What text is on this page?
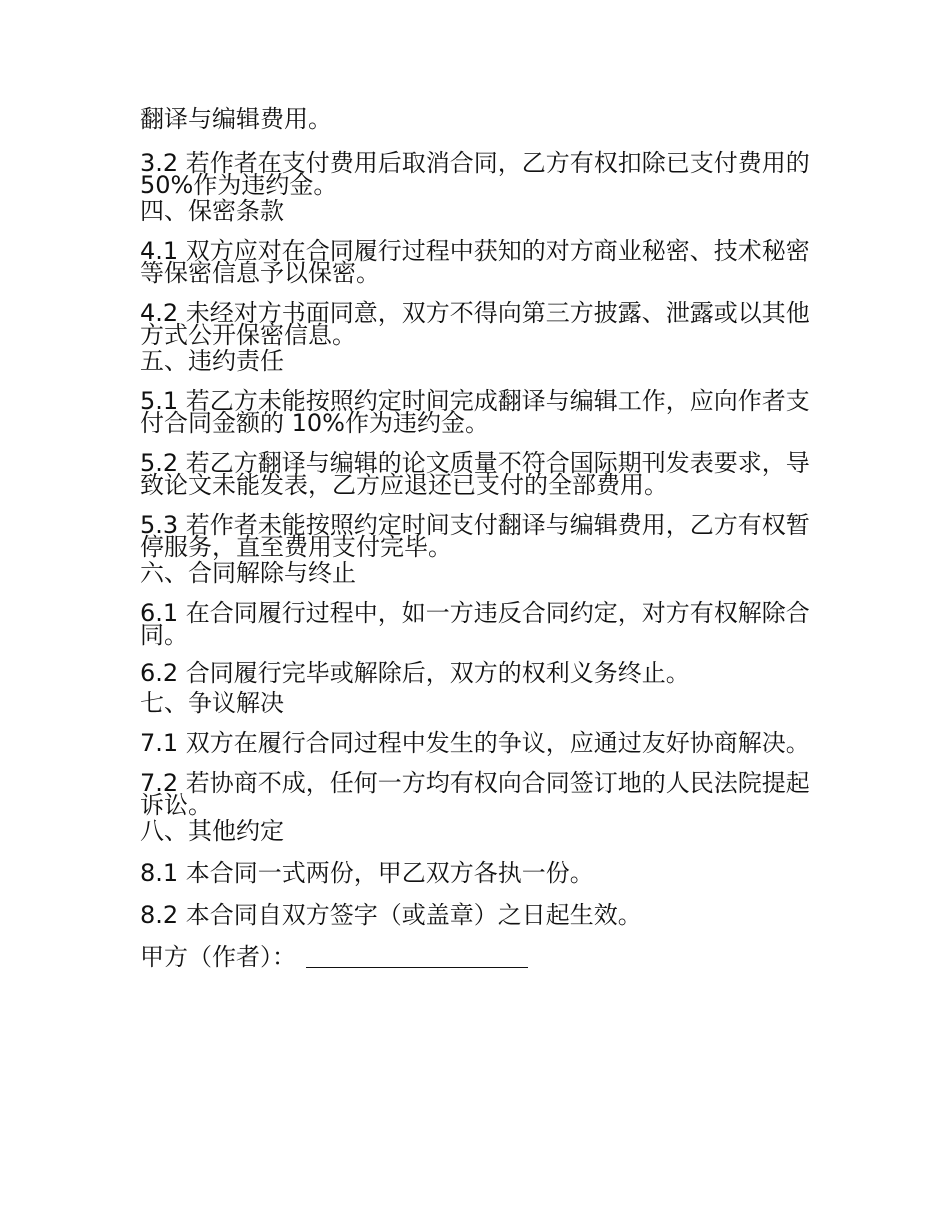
翻译与编辑费用。

3.2 若作者在支付费用后取消合同，乙方有权扣除已支付费用的 50%作为违约金。

四、保密条款

4.1 双方应对在合同履行过程中获知的对方商业秘密、技术秘密等保密信息予以保密。

4.2 未经对方书面同意，双方不得向第三方披露、泄露或以其他方式公开保密信息。

五、违约责任

5.1 若乙方未能按照约定时间完成翻译与编辑工作，应向作者支付合同金额的 10%作为违约金。

5.2 若乙方翻译与编辑的论文质量不符合国际期刊发表要求，导致论文未能发表，乙方应退还已支付的全部费用。

5.3 若作者未能按照约定时间支付翻译与编辑费用，乙方有权暂停服务，直至费用支付完毕。

六、合同解除与终止

6.1 在合同履行过程中，如一方违反合同约定，对方有权解除合同。

6.2 合同履行完毕或解除后，双方的权利义务终止。

七、争议解决

7.1 双方在履行合同过程中发生的争议，应通过友好协商解决。

7.2 若协商不成，任何一方均有权向合同签订地的人民法院提起诉讼。

八、其他约定

8.1 本合同一式两份，甲乙双方各执一份。

8.2 本合同自双方签字（或盖章）之日起生效。

甲方（作者）：
